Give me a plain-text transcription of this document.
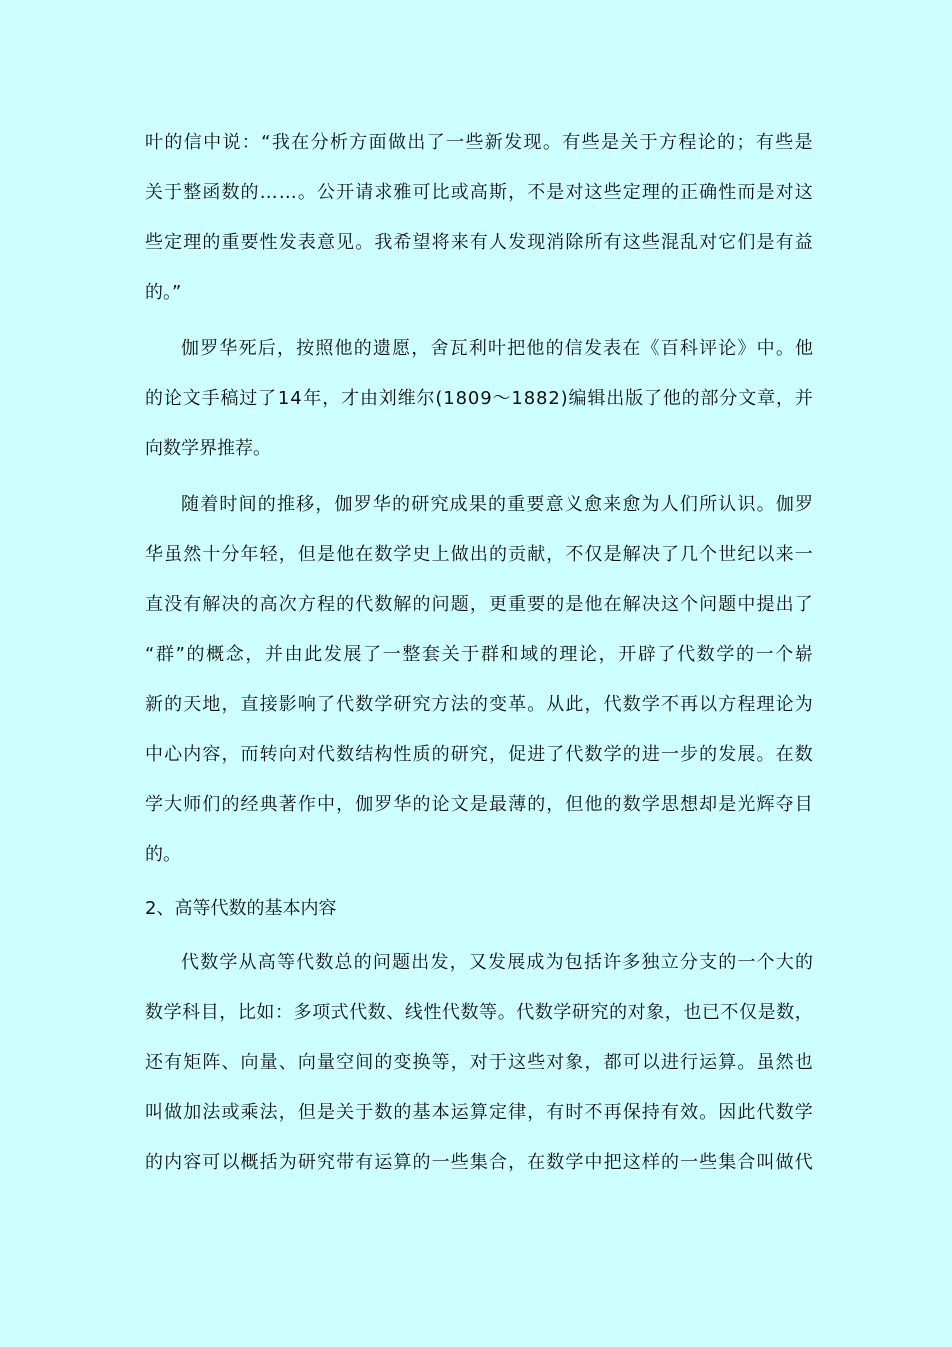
叶 的 信 中 说 ： “ 我 在 分 析 方 面 做 出 了 一 些 新 发 现 。 有 些 是 关 于 方 程 论 的 ； 有 些 是
关 于 整 函 数 的 … … 。 公 开 请 求 雅 可 比 或 高 斯 ， 不 是 对 这 些 定 理 的 正 确 性 而 是 对 这
些 定 理 的 重 要 性 发 表 意 见 。 我 希 望 将 来 有 人 发 现 消 除 所 有 这 些 混 乱 对 它 们 是 有 益
的。”
伽 罗 华 死 后 ， 按 照 他 的 遗 愿 ， 舍 瓦 利 叶 把 他 的 信 发 表 在 《 百 科 评 论 》 中 。 他
的 论 文 手 稿 过 了 1 4 年 ， 才 由 刘 维 尔 ( 1 8 0 9 ～ 1 8 8 2 ) 编 辑 出 版 了 他 的 部 分 文 章 ， 并
向数学界推荐。
随 着 时 间 的 推 移 ， 伽 罗 华 的 研 究 成 果 的 重 要 意 义 愈 来 愈 为 人 们 所 认 识 。 伽 罗
华 虽 然 十 分 年 轻 ， 但 是 他 在 数 学 史 上 做 出 的 贡 献 ， 不 仅 是 解 决 了 几 个 世 纪 以 来 一
直 没 有 解 决 的 高 次 方 程 的 代 数 解 的 问 题 ， 更 重 要 的 是 他 在 解 决 这 个 问 题 中 提 出 了
“ 群 ” 的 概 念 ， 并 由 此 发 展 了 一 整 套 关 于 群 和 域 的 理 论 ， 开 辟 了 代 数 学 的 一 个 崭
新 的 天 地 ， 直 接 影 响 了 代 数 学 研 究 方 法 的 变 革 。 从 此 ， 代 数 学 不 再 以 方 程 理 论 为
中 心 内 容 ， 而 转 向 对 代 数 结 构 性 质 的 研 究 ， 促 进 了 代 数 学 的 进 一 步 的 发 展 。 在 数
学 大 师 们 的 经 典 著 作 中 ， 伽 罗 华 的 论 文 是 最 薄 的 ， 但 他 的 数 学 思 想 却 是 光 辉 夺 目
的。
2、高等代数的基本内容
代 数 学 从 高 等 代 数 总 的 问 题 出 发 ， 又 发 展 成 为 包 括 许 多 独 立 分 支 的 一 个 大 的
数 学 科 目 ， 比 如 ： 多 项 式 代 数 、 线 性 代 数 等 。 代 数 学 研 究 的 对 象 ， 也 已 不 仅 是 数 ，
还 有 矩 阵 、 向 量 、 向 量 空 间 的 变 换 等 ， 对 于 这 些 对 象 ， 都 可 以 进 行 运 算 。 虽 然 也
叫 做 加 法 或 乘 法 ， 但 是 关 于 数 的 基 本 运 算 定 律 ， 有 时 不 再 保 持 有 效 。 因 此 代 数 学
的 内 容 可 以 概 括 为 研 究 带 有 运 算 的 一 些 集 合 ， 在 数 学 中 把 这 样 的 一 些 集 合 叫 做 代
